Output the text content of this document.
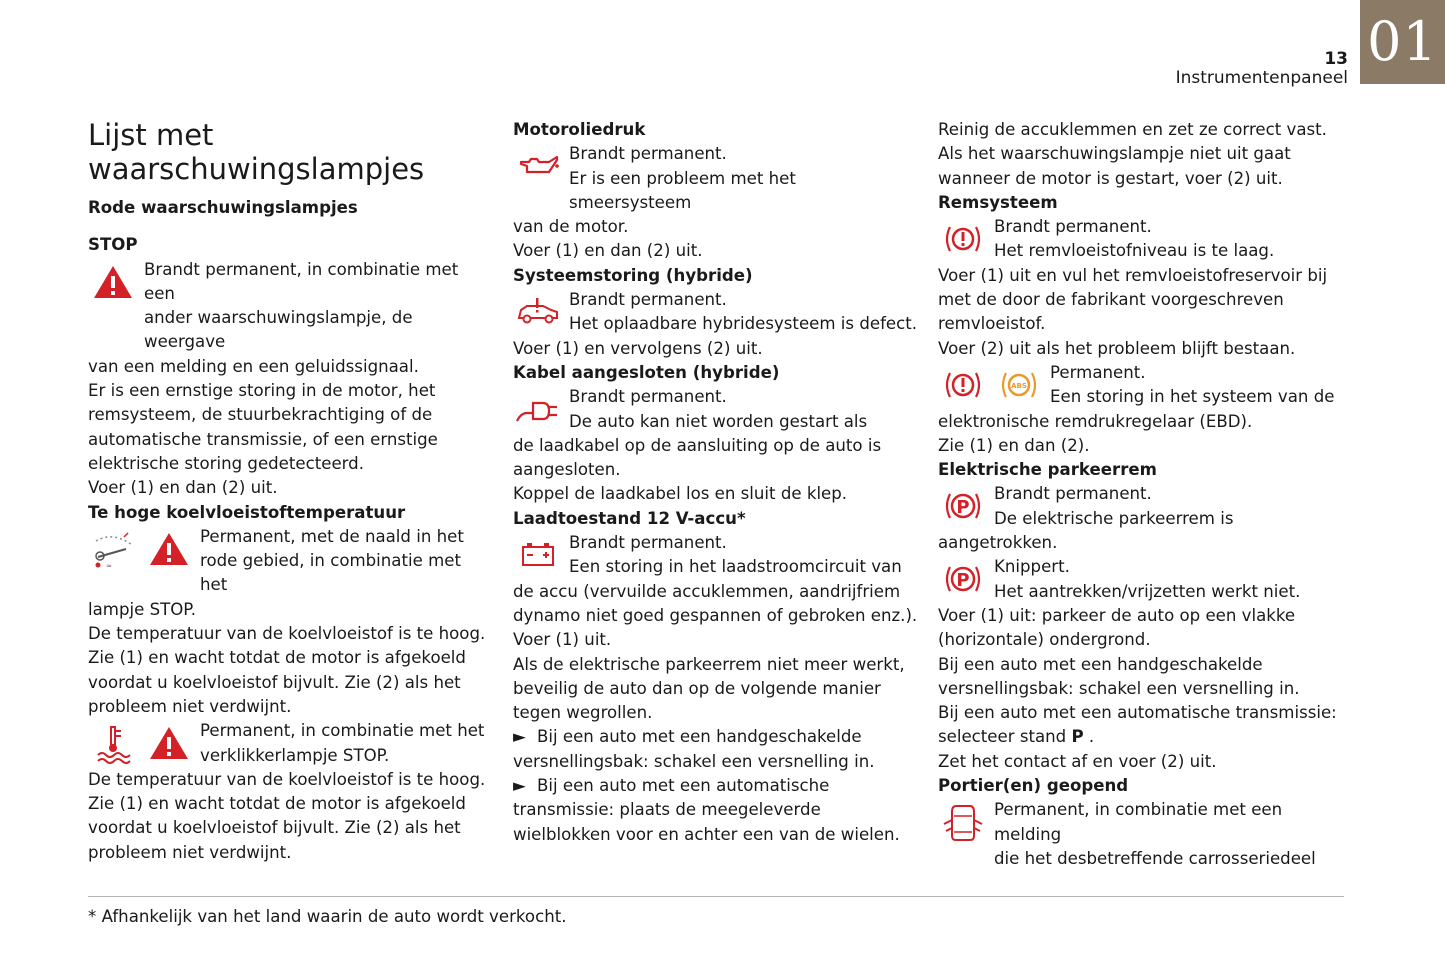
13
Instrumentenpaneel
01
Lijst met waarschuwingslampjes

Rode waarschuwingslampjes

STOP

Brandt permanent, in combinatie met een

ander waarschuwingslampje, de weergave

van een melding en een geluidssignaal.

Er is een ernstige storing in de motor, het remsysteem, de stuurbekrachtiging of de automatische transmissie, of een ernstige elektrische storing gedetecteerd.

Voer (1) en dan (2) uit.

Te hoge koelvloeistoftemperatuur

≈

Permanent, met de naald in het

rode gebied, in combinatie met het

lampje STOP.

De temperatuur van de koelvloeistof is te hoog.

Zie (1) en wacht totdat de motor is afgekoeld voordat u koelvloeistof bijvult. Zie (2) als het probleem niet verdwijnt.

Permanent, in combinatie met het

verklikkerlampje STOP.

De temperatuur van de koelvloeistof is te hoog.

Zie (1) en wacht totdat de motor is afgekoeld voordat u koelvloeistof bijvult. Zie (2) als het probleem niet verdwijnt.

Motoroliedruk

Brandt permanent.

Er is een probleem met het smeersysteem

van de motor.

Voer (1) en dan (2) uit.

Systeemstoring (hybride)

Brandt permanent.

Het oplaadbare hybridesysteem is defect.

Voer (1) en vervolgens (2) uit.

Kabel aangesloten (hybride)

Brandt permanent.

De auto kan niet worden gestart als

de laadkabel op de aansluiting op de auto is aangesloten.

Koppel de laadkabel los en sluit de klep.

Laadtoestand 12 V-accu*

Brandt permanent.

Een storing in het laadstroomcircuit van

de accu (vervuilde accuklemmen, aandrijfriem dynamo niet goed gespannen of gebroken enz.).

Voer (1) uit.

Als de elektrische parkeerrem niet meer werkt, beveilig de auto dan op de volgende manier tegen wegrollen.

► Bij een auto met een handgeschakelde versnellingsbak: schakel een versnelling in.

► Bij een auto met een automatische transmissie: plaats de meegeleverde wielblokken voor en achter een van de wielen.

Reinig de accuklemmen en zet ze correct vast. Als het waarschuwingslampje niet uit gaat wanneer de motor is gestart, voer (2) uit.

Remsysteem

Brandt permanent.

Het remvloeistofniveau is te laag.

Voer (1) uit en vul het remvloeistofreservoir bij met de door de fabrikant voorgeschreven remvloeistof.

Voer (2) uit als het probleem blijft bestaan.

ABS

Permanent.

Een storing in het systeem van de

elektronische remdrukregelaar (EBD).

Zie (1) en dan (2).

Elektrische parkeerrem

P

Brandt permanent.

De elektrische parkeerrem is

aangetrokken.

P

Knippert.

Het aantrekken/vrijzetten werkt niet.

Voer (1) uit: parkeer de auto op een vlakke (horizontale) ondergrond.

Bij een auto met een handgeschakelde versnellingsbak: schakel een versnelling in.

Bij een auto met een automatische transmissie: selecteer stand P .

Zet het contact af en voer (2) uit.

Portier(en) geopend

Permanent, in combinatie met een melding

die het desbetreffende carrosseriedeel

* Afhankelijk van het land waarin de auto wordt verkocht.
